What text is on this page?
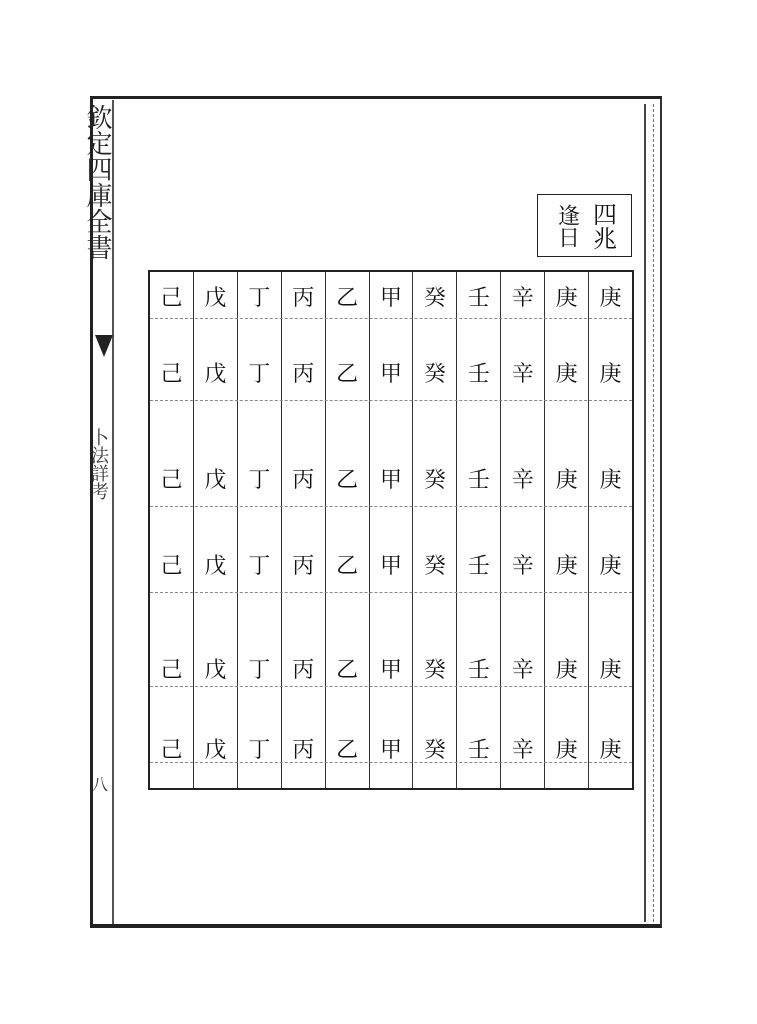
欽定四庫全書
卜法詳考
八
四兆
逢日
庚
庚
庚
庚
庚
庚
庚
庚
庚
庚
庚
庚
辛
辛
辛
辛
辛
辛
壬
壬
壬
壬
壬
壬
癸
癸
癸
癸
癸
癸
甲
甲
甲
甲
甲
甲
乙
乙
乙
乙
乙
乙
丙
丙
丙
丙
丙
丙
丁
丁
丁
丁
丁
丁
戊
戊
戊
戊
戊
戊
己
己
己
己
己
己
